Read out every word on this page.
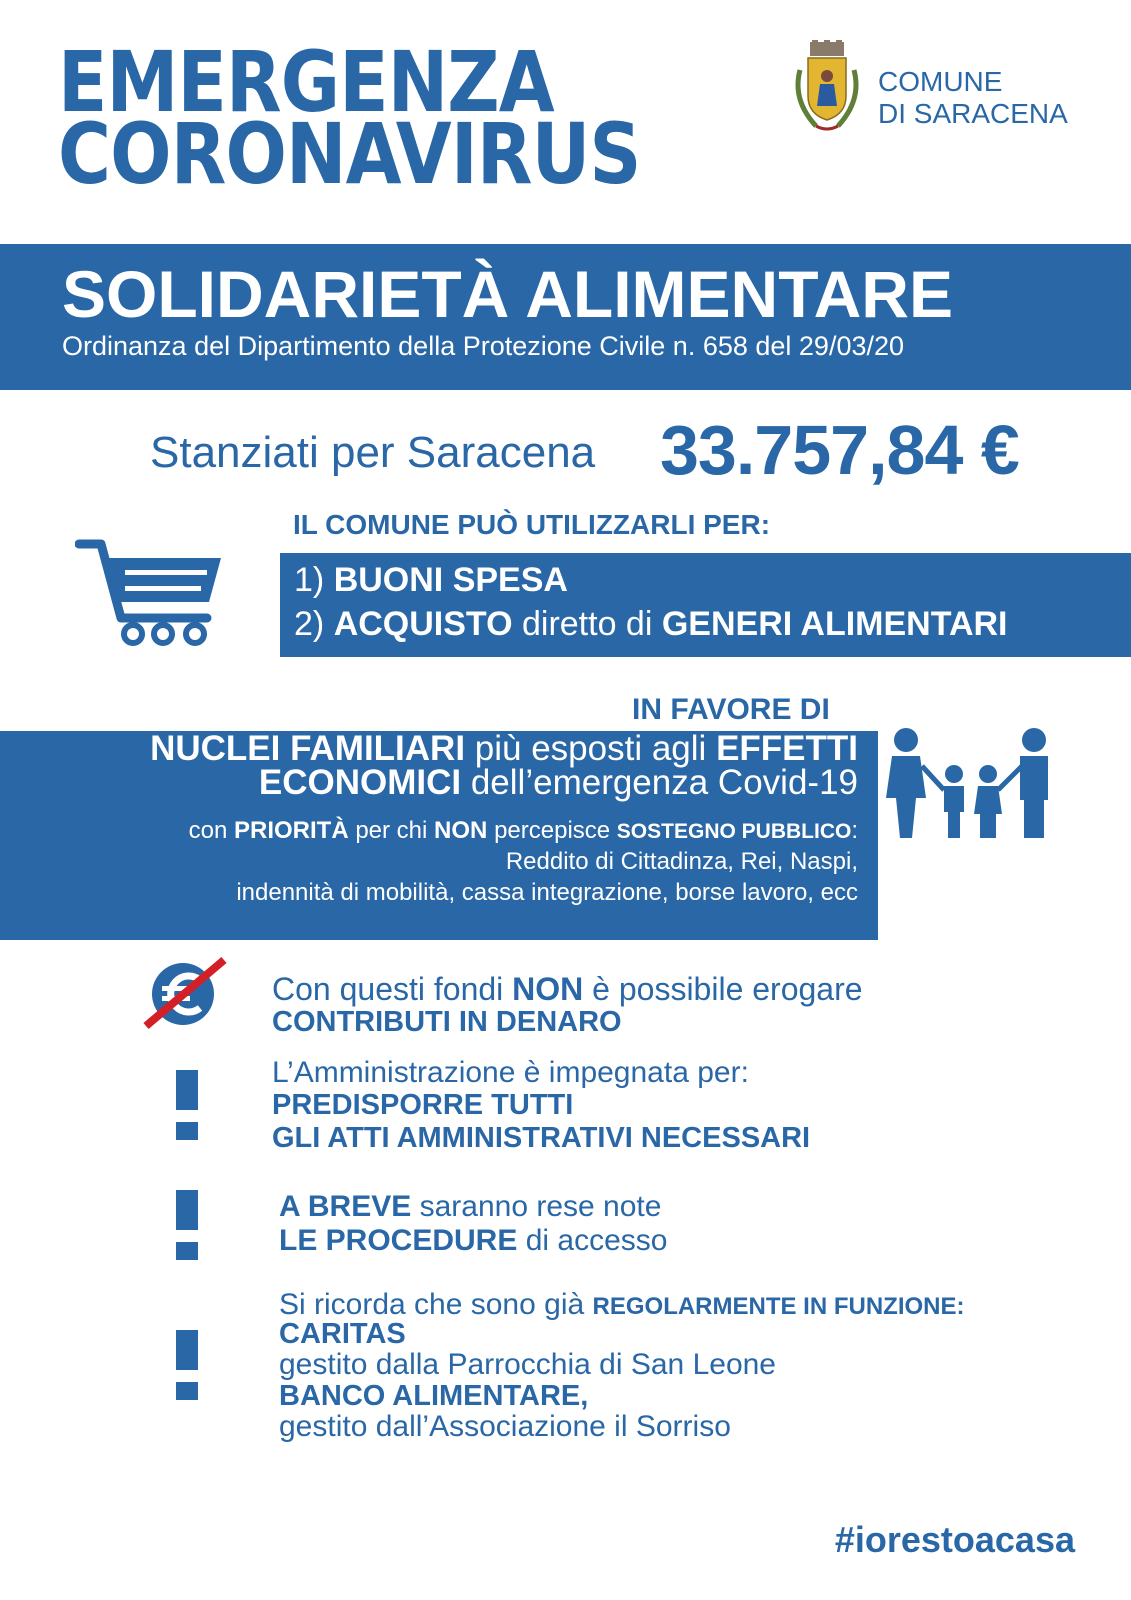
EMERGENZA
CORONAVIRUS
COMUNE
DI SARACENA
SOLIDARIETÀ ALIMENTARE
Ordinanza del Dipartimento della Protezione Civile n. 658 del 29/03/20
Stanziati per Saracena 33.757,84 €
IL COMUNE PUÒ UTILIZZARLI PER:
1) BUONI SPESA
2) ACQUISTO diretto di GENERI ALIMENTARI
IN FAVORE DI
NUCLEI FAMILIARI più esposti agli EFFETTI
ECONOMICI dell’emergenza Covid-19
con PRIORITÀ per chi NON percepisce SOSTEGNO PUBBLICO:
Reddito di Cittadinza, Rei, Naspi,
indennità di mobilità, cassa integrazione, borse lavoro, ecc
Con questi fondi NON è possibile erogare
CONTRIBUTI IN DENARO
L’Amministrazione è impegnata per:
PREDISPORRE TUTTI
GLI ATTI AMMINISTRATIVI NECESSARI
A BREVE saranno rese note
LE PROCEDURE di accesso
Si ricorda che sono già REGOLARMENTE IN FUNZIONE:
CARITAS
gestito dalla Parrocchia di San Leone
BANCO ALIMENTARE,
gestito dall’Associazione il Sorriso
#iorestoacasa
